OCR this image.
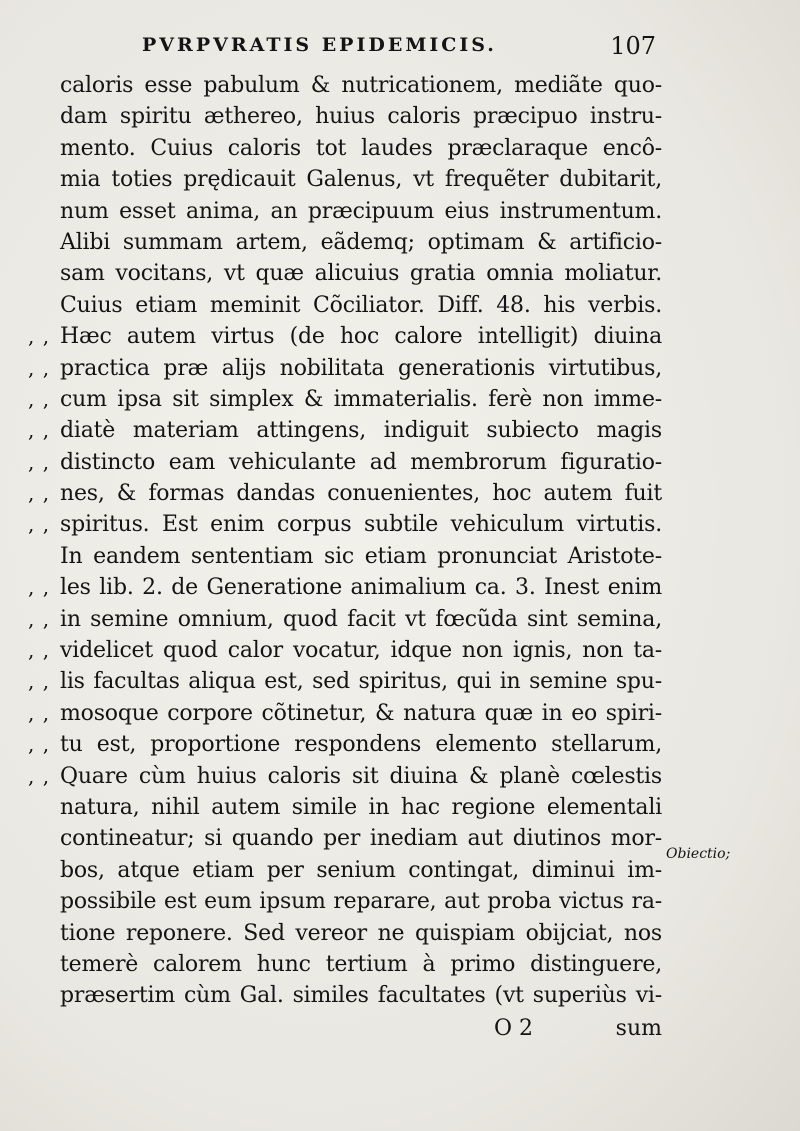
PVRPVRATIS EPIDEMICIS.	107
caloris esse pabulum & nutricationem, mediãte quo-
dam spiritu æthereo, huius caloris præcipuo instru-
mento. Cuius caloris tot laudes præclaraque encô-
mia toties prędicauit Galenus, vt frequẽter dubitarit,
num esset anima, an præcipuum eius instrumentum.
Alibi summam artem, eãdemq; optimam & artificio-
sam vocitans, vt quæ alicuius gratia omnia moliatur.
Cuius etiam meminit Cõciliator. Diff. 48. his verbis.
, , Hæc autem virtus (de hoc calore intelligit) diuina
, , practica præ alijs nobilitata generationis virtutibus,
, , cum ipsa sit simplex & immaterialis. ferè non imme-
, , diatè materiam attingens, indiguit subiecto magis
, , distincto eam vehiculante ad membrorum figuratio-
, , nes, & formas dandas conuenientes, hoc autem fuit
, , spiritus. Est enim corpus subtile vehiculum virtutis.
In eandem sententiam sic etiam pronunciat Aristote-
, , les lib. 2. de Generatione animalium ca. 3. Inest enim
, , in semine omnium, quod facit vt fœcũda sint semina,
, , videlicet quod calor vocatur, idque non ignis, non ta-
, , lis facultas aliqua est, sed spiritus, qui in semine spu-
, , mosoque corpore cõtinetur, & natura quæ in eo spiri-
, , tu est, proportione respondens elemento stellarum,
, , Quare cùm huius caloris sit diuina & planè cœlestis
natura, nihil autem simile in hac regione elementali
contineatur; si quando per inediam aut diutinos mor-
bos, atque etiam per senium contingat, diminui im-
possibile est eum ipsum reparare, aut proba victus ra-
tione reponere. Sed vereor ne quispiam obijciat, nos
temerè calorem hunc tertium à primo distinguere,
præsertim cùm Gal. similes facultates (vt superiùs vi-
O 2	sum
Obiectio;
